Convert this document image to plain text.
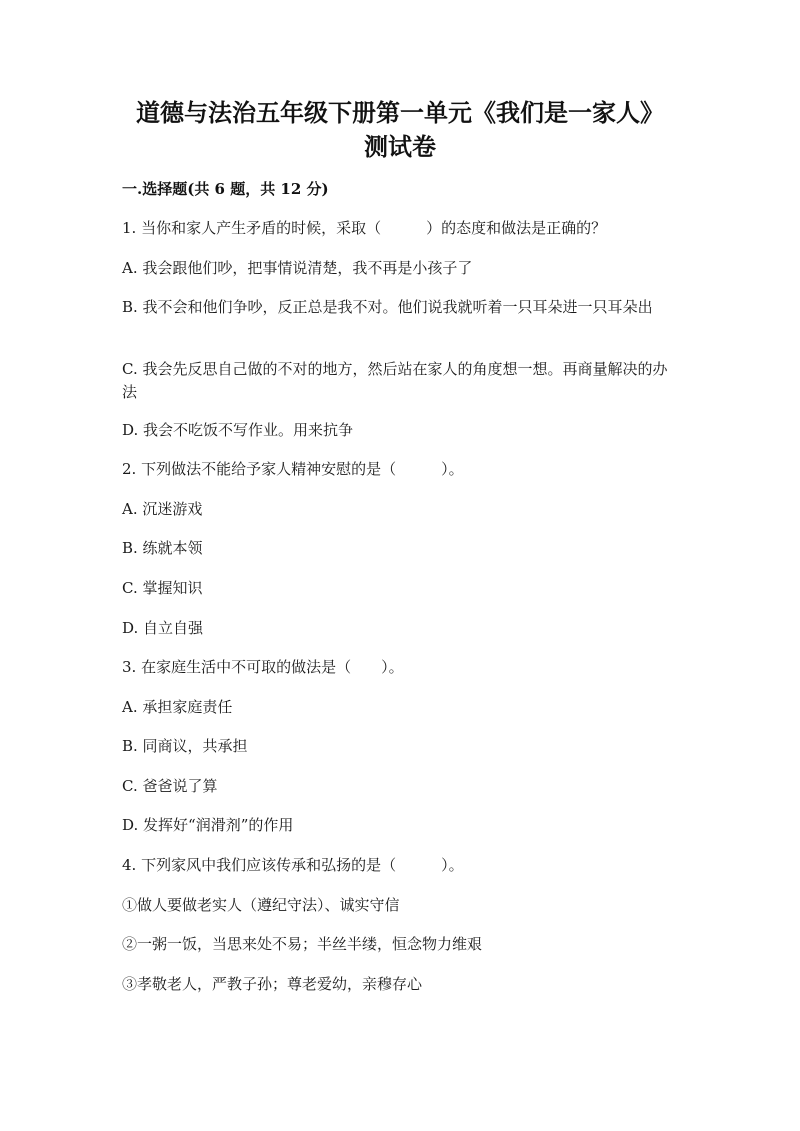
道德与法治五年级下册第一单元《我们是一家人》
测试卷
一.选择题(共 6 题，共 12 分)
1. 当你和家人产生矛盾的时候，采取（　　　）的态度和做法是正确的？
A. 我会跟他们吵，把事情说清楚，我不再是小孩子了
B. 我不会和他们争吵，反正总是我不对。他们说我就听着一只耳朵进一只耳朵出
C. 我会先反思自己做的不对的地方，然后站在家人的角度想一想。再商量解决的办法
D. 我会不吃饭不写作业。用来抗争
2. 下列做法不能给予家人精神安慰的是（　　　）。
A. 沉迷游戏
B. 练就本领
C. 掌握知识
D. 自立自强
3. 在家庭生活中不可取的做法是（　　）。
A. 承担家庭责任
B. 同商议，共承担
C. 爸爸说了算
D. 发挥好“润滑剂”的作用
4. 下列家风中我们应该传承和弘扬的是（　　　）。
①做人要做老实人（遵纪守法）、诚实守信
②一粥一饭，当思来处不易；半丝半缕，恒念物力维艰
③孝敬老人，严教子孙；尊老爱幼，亲穆存心
